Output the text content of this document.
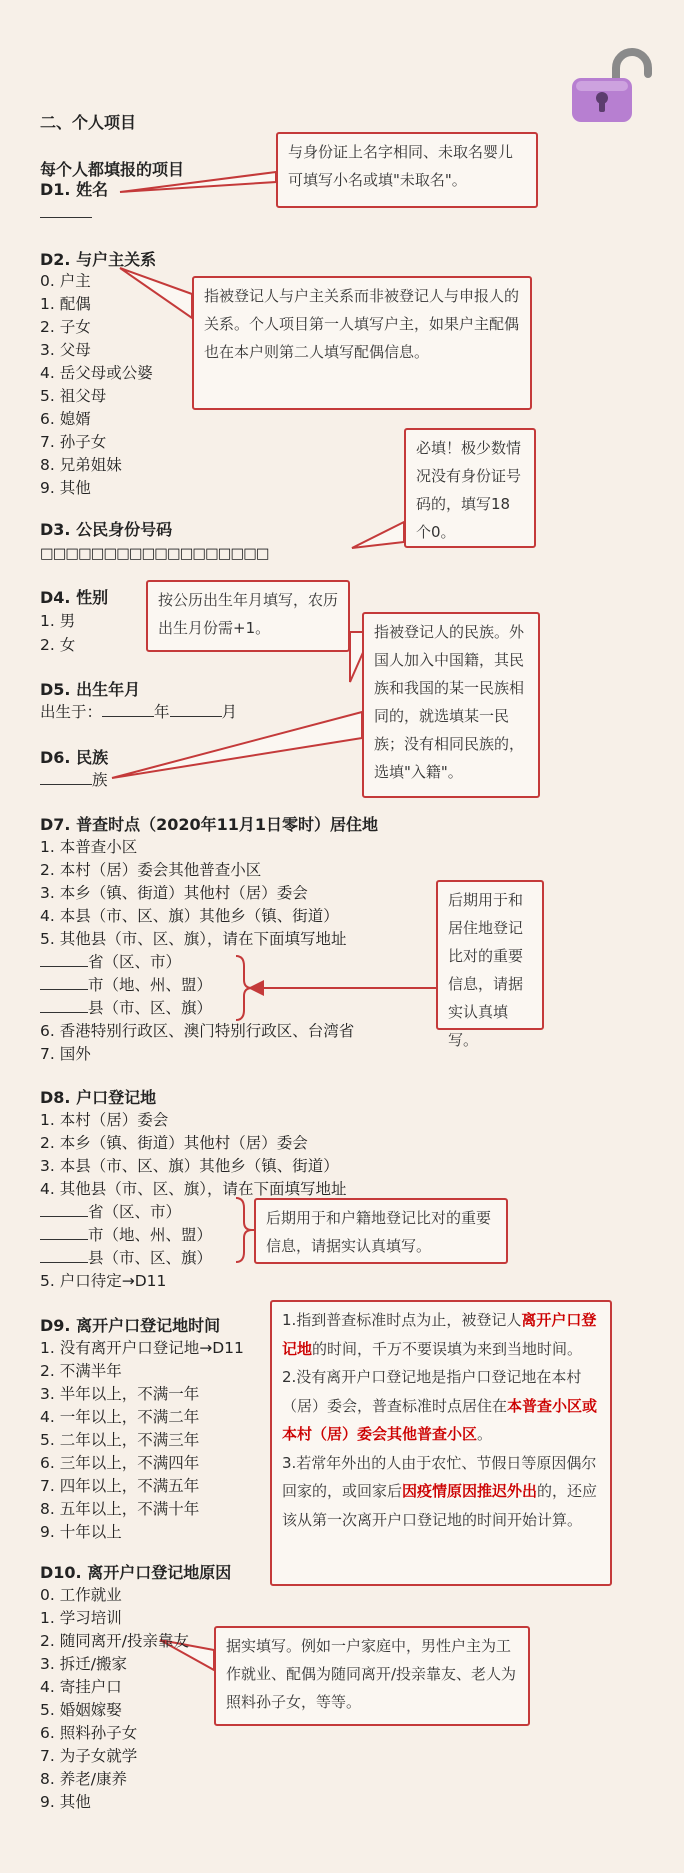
二、个人项目
每个人都填报的项目
D1. 姓名
与身份证上名字相同、未取名婴儿可填写小名或填"未取名"。
D2. 与户主关系
0. 户主
1. 配偶
2. 子女
3. 父母
4. 岳父母或公婆
5. 祖父母
6. 媳婿
7. 孙子女
8. 兄弟姐妹
9. 其他
指被登记人与户主关系而非被登记人与申报人的关系。个人项目第一人填写户主，如果户主配偶也在本户则第二人填写配偶信息。
D3. 公民身份号码
□□□□□□□□□□□□□□□□□□
必填！极少数情况没有身份证号码的，填写18个0。
D4. 性别
1. 男
2. 女
按公历出生年月填写，农历出生月份需+1。
D5. 出生年月
出生于：	年	月
D6. 民族
族
指被登记人的民族。外国人加入中国籍，其民族和我国的某一民族相同的，就选填某一民族；没有相同民族的，选填"入籍"。
D7. 普查时点（2020年11月1日零时）居住地
1. 本普查小区
2. 本村（居）委会其他普查小区
3. 本乡（镇、街道）其他村（居）委会
4. 本县（市、区、旗）其他乡（镇、街道）
5. 其他县（市、区、旗），请在下面填写地址
省（区、市）
市（地、州、盟）
县（市、区、旗）
6. 香港特别行政区、澳门特别行政区、台湾省
7. 国外
后期用于和居住地登记比对的重要信息，请据实认真填写。
D8. 户口登记地
1. 本村（居）委会
2. 本乡（镇、街道）其他村（居）委会
3. 本县（市、区、旗）其他乡（镇、街道）
4. 其他县（市、区、旗），请在下面填写地址
省（区、市）
市（地、州、盟）
县（市、区、旗）
5. 户口待定→D11
后期用于和户籍地登记比对的重要信息，请据实认真填写。
D9. 离开户口登记地时间
1. 没有离开户口登记地→D11
2. 不满半年
3. 半年以上，不满一年
4. 一年以上，不满二年
5. 二年以上，不满三年
6. 三年以上，不满四年
7. 四年以上，不满五年
8. 五年以上，不满十年
9. 十年以上
1.指到普查标准时点为止，被登记人离开户口登记地的时间，千万不要误填为来到当地时间。
2.没有离开户口登记地是指户口登记地在本村（居）委会，普查标准时点居住在本普查小区或本村（居）委会其他普查小区。
3.若常年外出的人由于农忙、节假日等原因偶尔回家的，或回家后因疫情原因推迟外出的，还应该从第一次离开户口登记地的时间开始计算。
D10. 离开户口登记地原因
0. 工作就业
1. 学习培训
2. 随同离开/投亲靠友
3. 拆迁/搬家
4. 寄挂户口
5. 婚姻嫁娶
6. 照料孙子女
7. 为子女就学
8. 养老/康养
9. 其他
据实填写。例如一户家庭中，男性户主为工作就业、配偶为随同离开/投亲靠友、老人为照料孙子女，等等。
